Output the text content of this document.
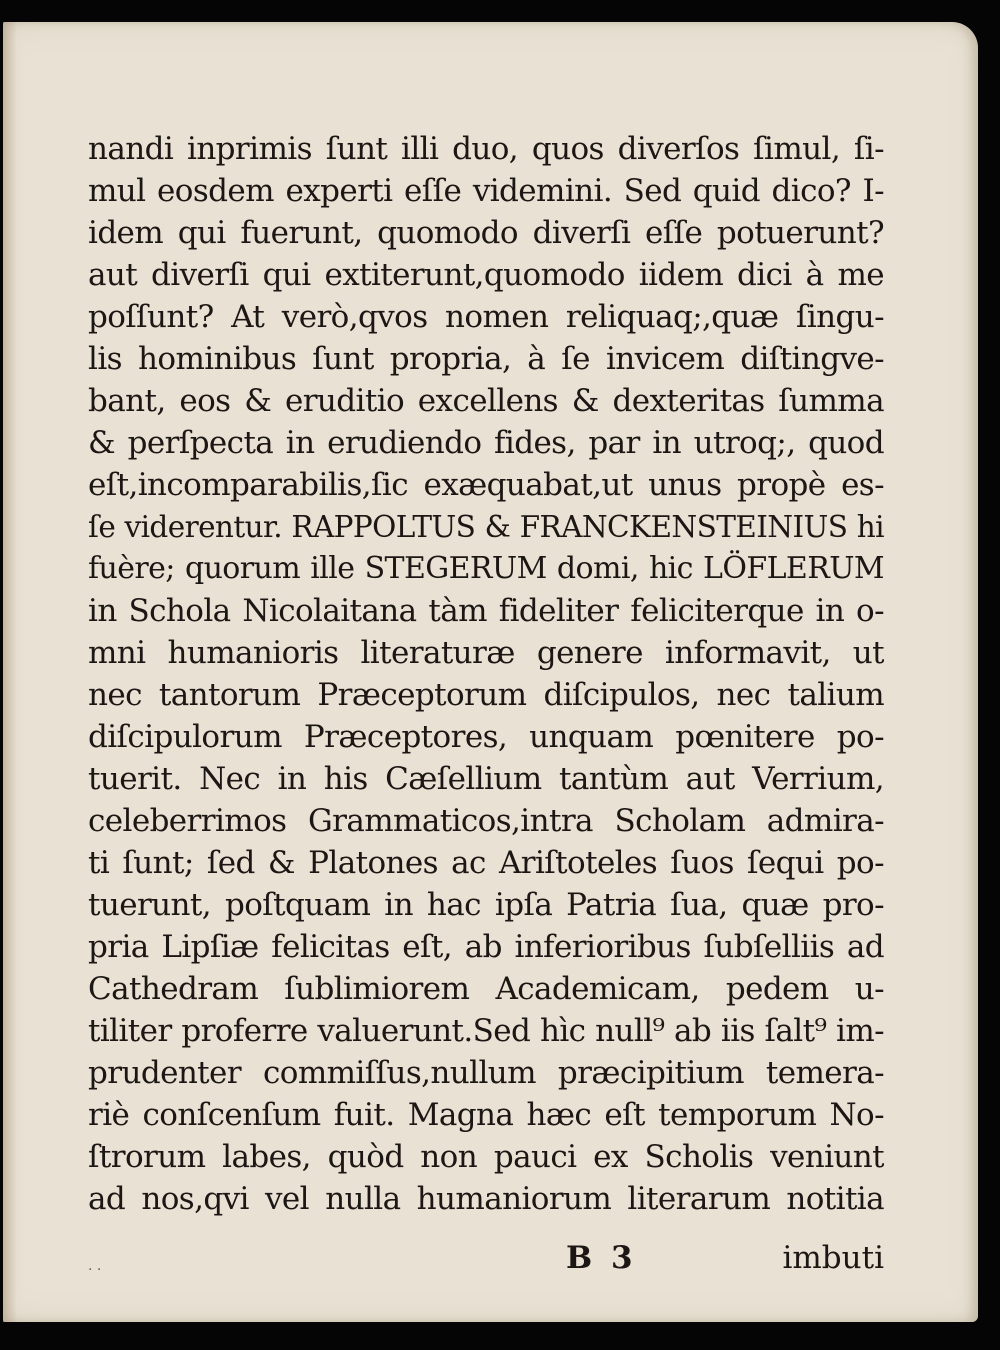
nandi inprimis ſunt illi duo, quos diverſos ſimul, ſi-
mul eosdem experti eſſe videmini. Sed quid dico? I-
idem qui fuerunt, quomodo diverſi eſſe potuerunt?
aut diverſi qui extiterunt,quomodo iidem dici à me
poſſunt? At verò,qvos nomen reliquaq;,quæ ſingu-
lis hominibus ſunt propria, à ſe invicem diſtingve-
bant, eos & eruditio excellens & dexteritas ſumma
& perſpecta in erudiendo fides, par in utroq;, quod
eſt,incomparabilis,ſic exæquabat,ut unus propè es-
ſe viderentur. RAPPOLTUS & FRANCKENSTEINIUS hi
fuère; quorum ille STEGERUM domi, hic LÖFLERUM
in Schola Nicolaitana tàm fideliter feliciterque in o-
mni humanioris literaturæ genere informavit, ut
nec tantorum Præceptorum diſcipulos, nec talium
diſcipulorum Præceptores, unquam pœnitere po-
tuerit. Nec in his Cæſellium tantùm aut Verrium,
celeberrimos Grammaticos,intra Scholam admira-
ti ſunt; ſed & Platones ac Ariſtoteles ſuos ſequi po-
tuerunt, poſtquam in hac ipſa Patria ſua, quæ pro-
pria Lipſiæ felicitas eſt, ab inferioribus ſubſelliis ad
Cathedram ſublimiorem Academicam, pedem u-
tiliter proferre valuerunt.Sed hìc null⁹ ab iis ſalt⁹ im-
prudenter commiſſus,nullum præcipitium temera-
riè conſcenſum fuit. Magna hæc eſt temporum No-
ſtrorum labes, quòd non pauci ex Scholis veniunt
ad nos,qvi vel nulla humaniorum literarum notitia
. .	B 3	imbuti
